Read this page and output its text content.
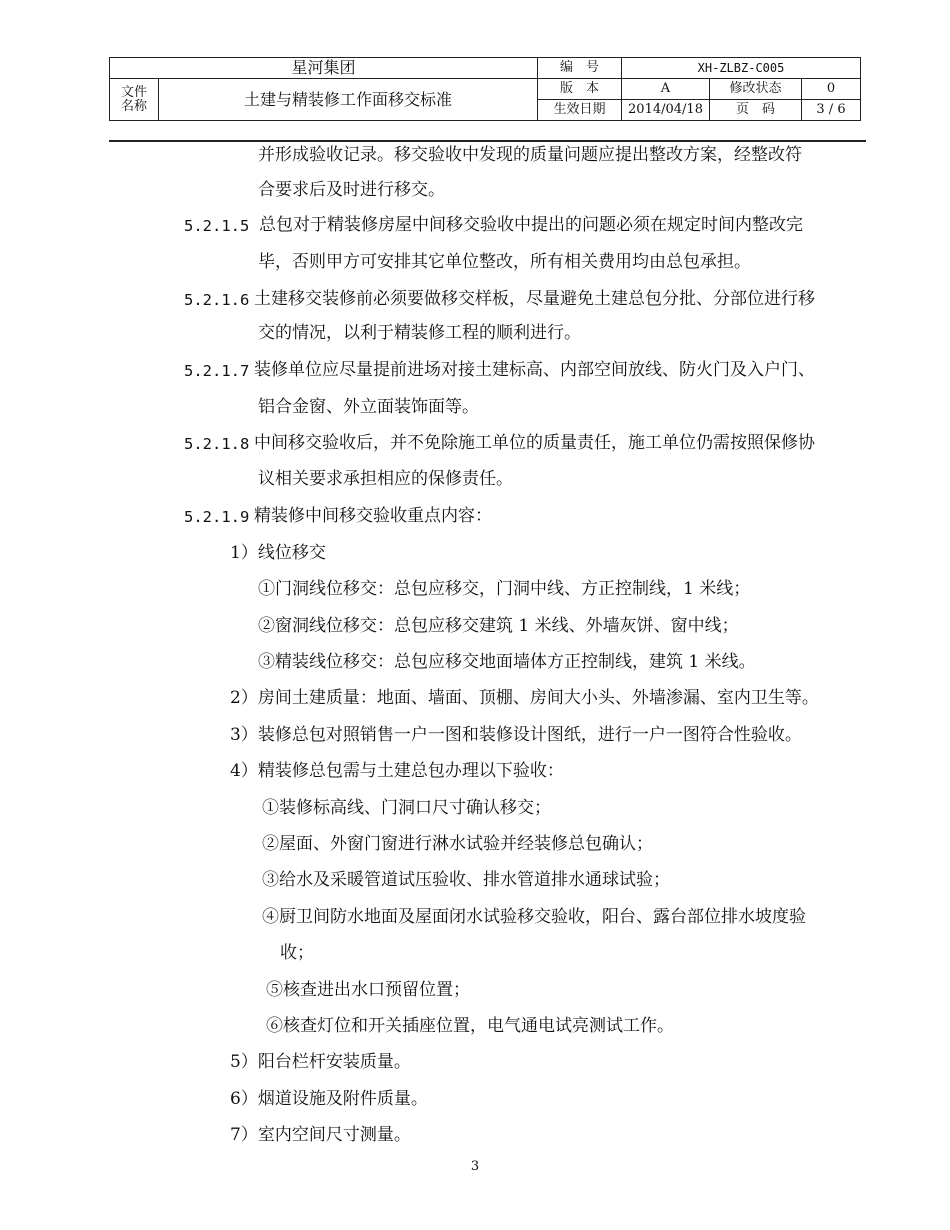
星河集团	编　号	XH-ZLBZ-C005
文件
名称	土建与精装修工作面移交标准
版　本	A	修改状态	0
生效日期	2014/04/18	页　码	3 / 6
并形成验收记录。移交验收中发现的质量问题应提出整改方案，经整改符
合要求后及时进行移交。
5.2.1.5 总包对于精装修房屋中间移交验收中提出的问题必须在规定时间内整改完
毕，否则甲方可安排其它单位整改，所有相关费用均由总包承担。
5.2.1.6 土建移交装修前必须要做移交样板，尽量避免土建总包分批、分部位进行移
交的情况，以利于精装修工程的顺利进行。
5.2.1.7 装修单位应尽量提前进场对接土建标高、内部空间放线、防火门及入户门、
铝合金窗、外立面装饰面等。
5.2.1.8 中间移交验收后，并不免除施工单位的质量责任，施工单位仍需按照保修协
议相关要求承担相应的保修责任。
5.2.1.9 精装修中间移交验收重点内容：
1）线位移交
①门洞线位移交：总包应移交，门洞中线、方正控制线，1 米线；
②窗洞线位移交：总包应移交建筑 1 米线、外墙灰饼、窗中线；
③精装线位移交：总包应移交地面墙体方正控制线，建筑 1 米线。
2）房间土建质量：地面、墙面、顶棚、房间大小头、外墙渗漏、室内卫生等。
3）装修总包对照销售一户一图和装修设计图纸，进行一户一图符合性验收。
4）精装修总包需与土建总包办理以下验收：
①装修标高线、门洞口尺寸确认移交；
②屋面、外窗门窗进行淋水试验并经装修总包确认；
③给水及采暖管道试压验收、排水管道排水通球试验；
④厨卫间防水地面及屋面闭水试验移交验收，阳台、露台部位排水坡度验
收；
⑤核查进出水口预留位置；
⑥核查灯位和开关插座位置，电气通电试亮测试工作。
5）阳台栏杆安装质量。
6）烟道设施及附件质量。
7）室内空间尺寸测量。
3
